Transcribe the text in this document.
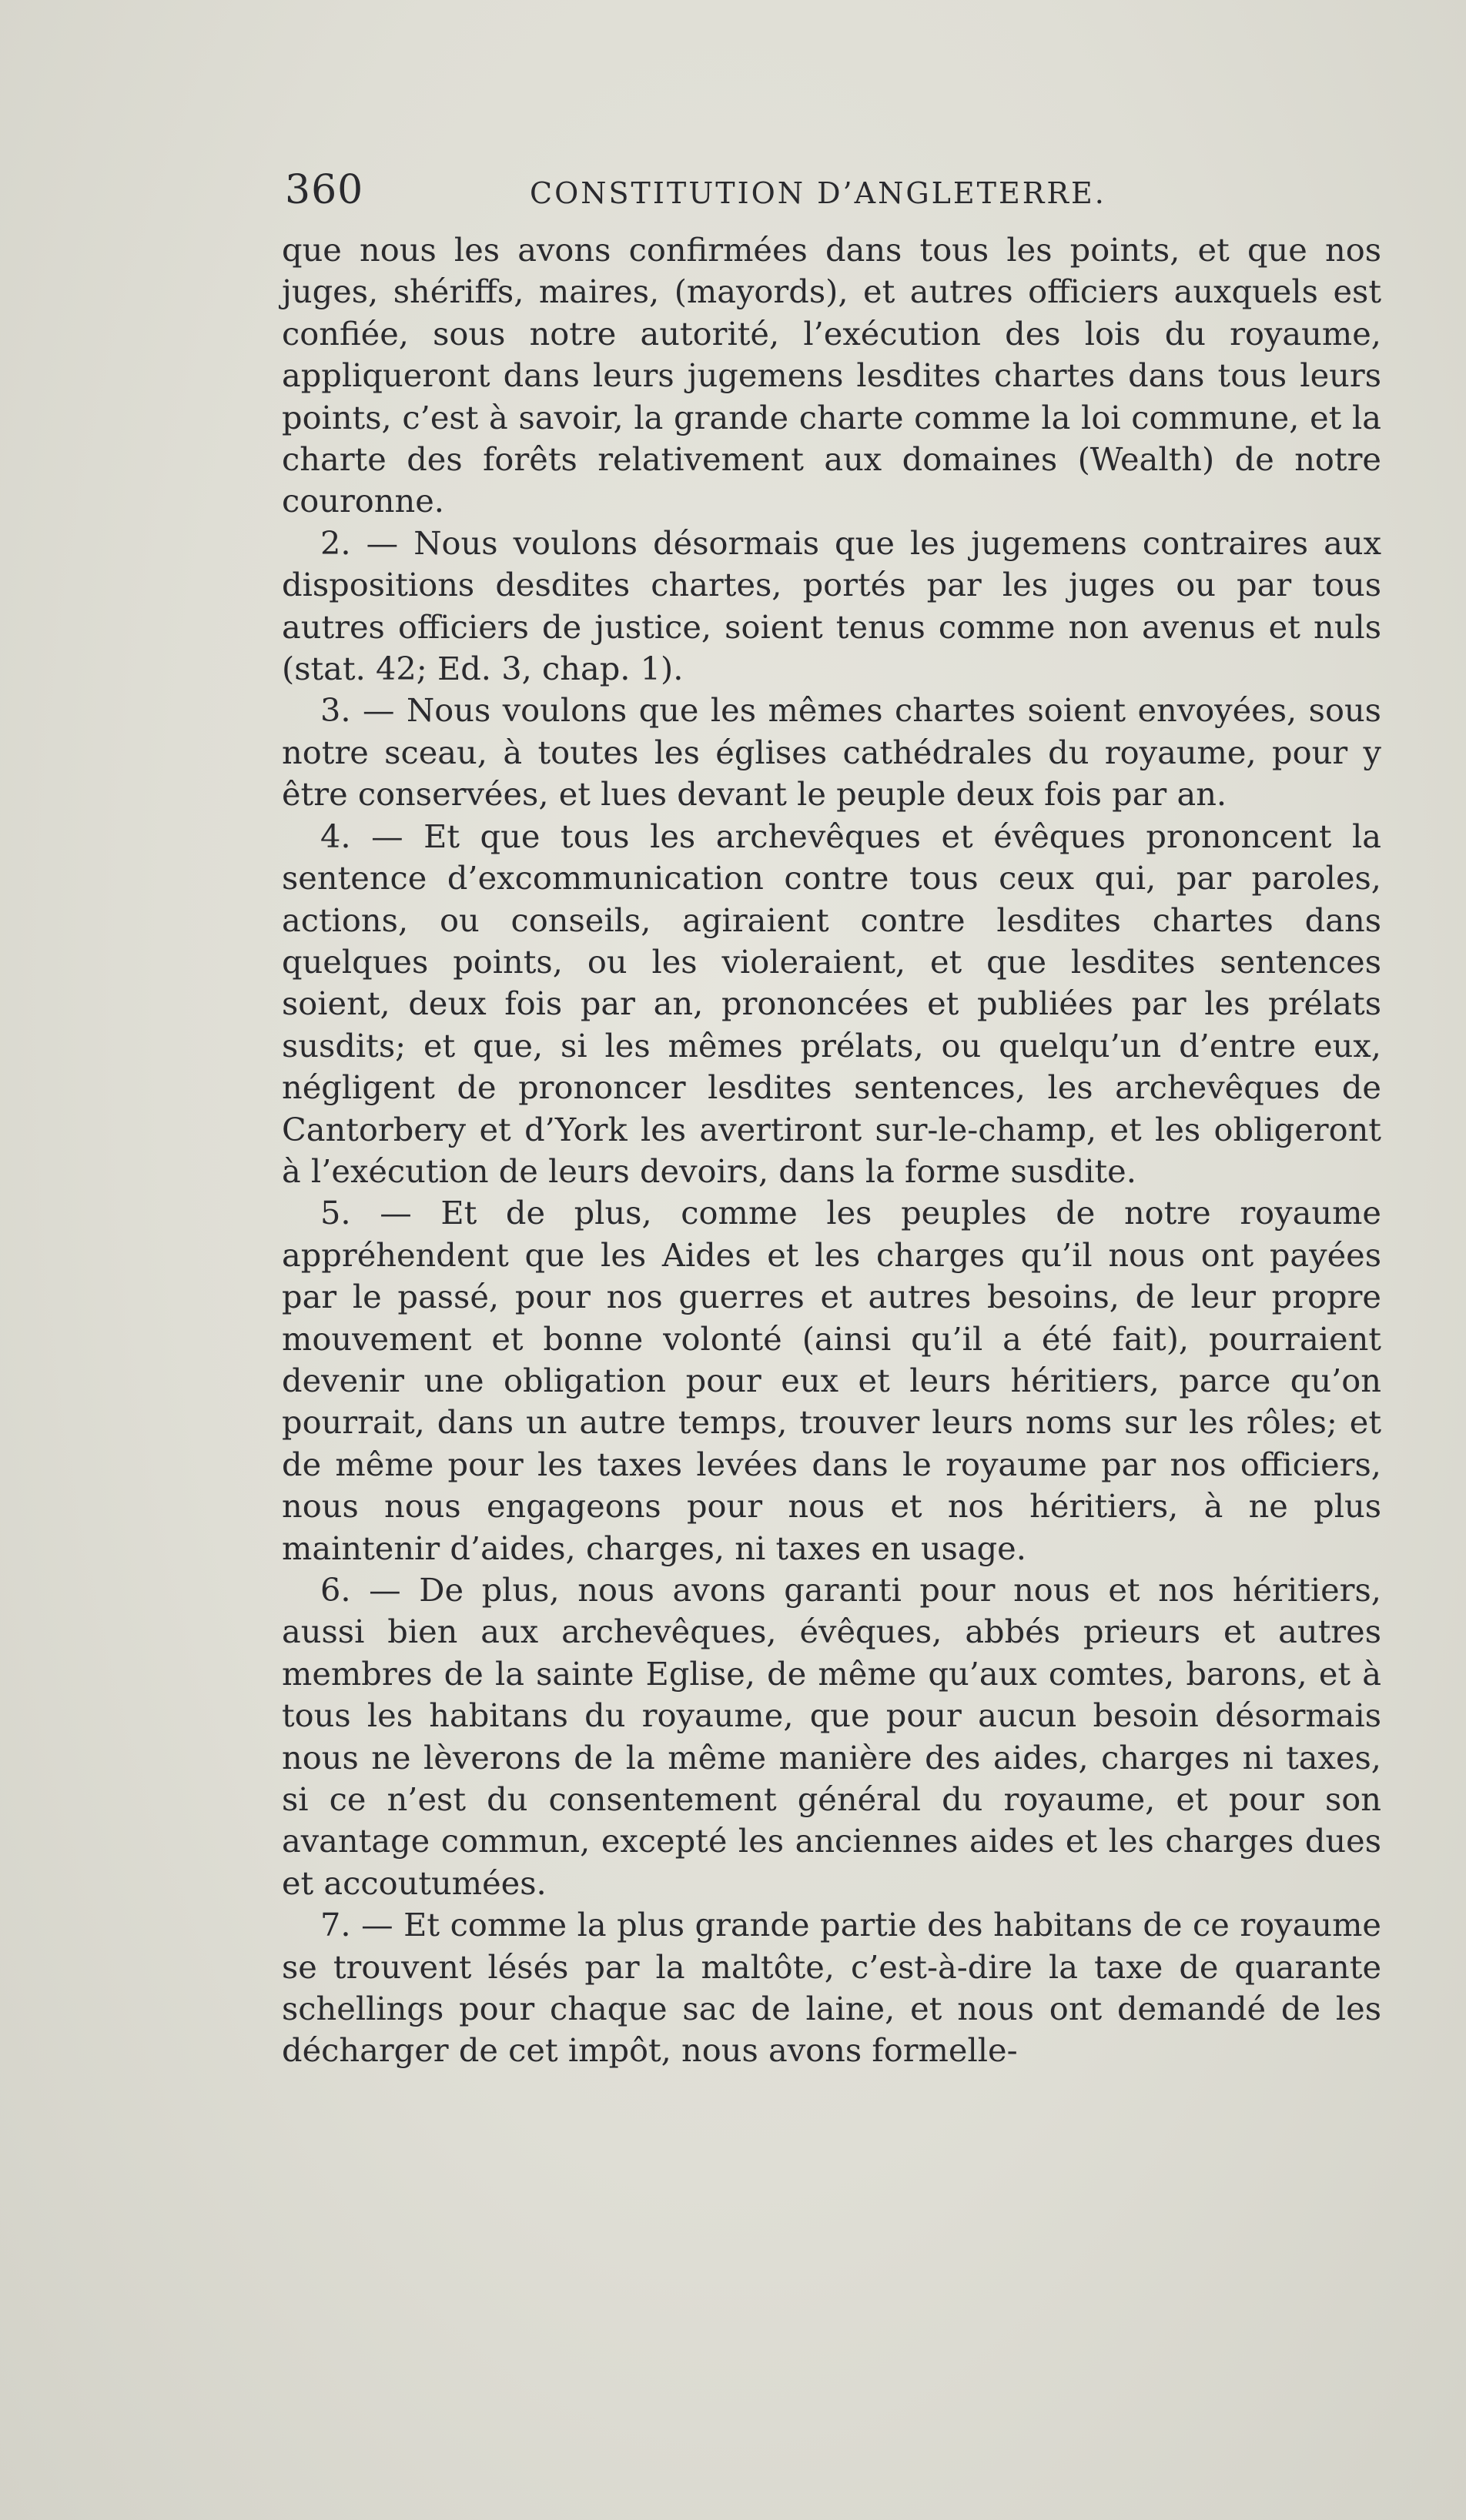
360	CONSTITUTION D’ANGLETERRE.

que nous les avons confirmées dans tous les points, et que nos juges, shériffs, maires, (mayords), et autres officiers auxquels est confiée, sous notre autorité, l’exécution des lois du royaume, appliqueront dans leurs jugemens lesdites chartes dans tous leurs points, c’est à savoir, la grande charte comme la loi commune, et la charte des forêts relativement aux domaines (Wealth) de notre couronne.

2. — Nous voulons désormais que les jugemens contraires aux dispositions desdites chartes, portés par les juges ou par tous autres officiers de justice, soient tenus comme non avenus et nuls (stat. 42; Ed. 3, chap. 1).

3. — Nous voulons que les mêmes chartes soient envoyées, sous notre sceau, à toutes les églises cathédrales du royaume, pour y être conservées, et lues devant le peuple deux fois par an.

4. — Et que tous les archevêques et évêques prononcent la sentence d’excommunication contre tous ceux qui, par paroles, actions, ou conseils, agiraient contre lesdites chartes dans quelques points, ou les violeraient, et que lesdites sentences soient, deux fois par an, prononcées et publiées par les prélats susdits; et que, si les mêmes prélats, ou quelqu’un d’entre eux, négligent de prononcer lesdites sentences, les archevêques de Cantorbery et d’York les avertiront sur-le-champ, et les obligeront à l’exécution de leurs devoirs, dans la forme susdite.

5. — Et de plus, comme les peuples de notre royaume appréhendent que les Aides et les charges qu’il nous ont payées par le passé, pour nos guerres et autres besoins, de leur propre mouvement et bonne volonté (ainsi qu’il a été fait), pourraient devenir une obligation pour eux et leurs héritiers, parce qu’on pourrait, dans un autre temps, trouver leurs noms sur les rôles; et de même pour les taxes levées dans le royaume par nos officiers, nous nous engageons pour nous et nos héritiers, à ne plus maintenir d’aides, charges, ni taxes en usage.

6. — De plus, nous avons garanti pour nous et nos héritiers, aussi bien aux archevêques, évêques, abbés prieurs et autres membres de la sainte Eglise, de même qu’aux comtes, barons, et à tous les habitans du royaume, que pour aucun besoin désormais nous ne lèverons de la même manière des aides, charges ni taxes, si ce n’est du consentement général du royaume, et pour son avantage commun, excepté les anciennes aides et les charges dues et accoutumées.

7. — Et comme la plus grande partie des habitans de ce royaume se trouvent lésés par la maltôte, c’est-à-dire la taxe de quarante schellings pour chaque sac de laine, et nous ont demandé de les décharger de cet impôt, nous avons formelle-
